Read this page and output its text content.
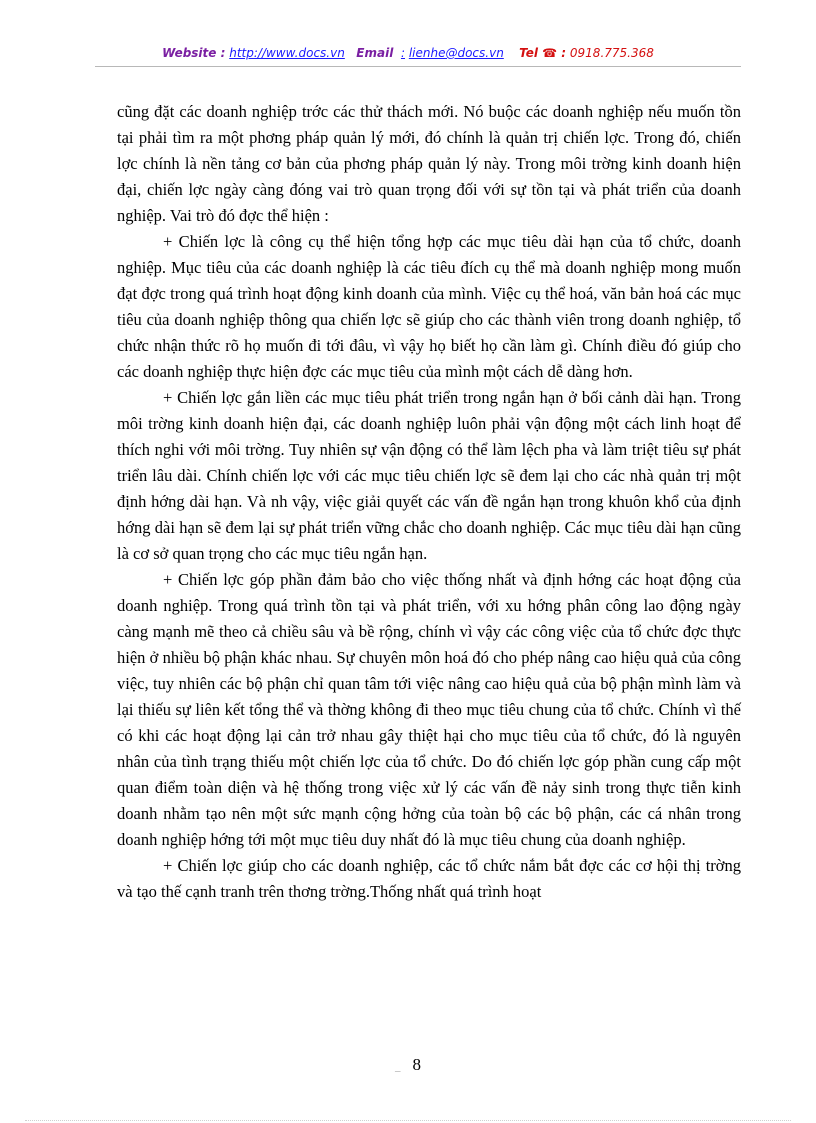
Website : http://www.docs.vn Email : lienhe@docs.vn Tel ☎ : 0918.775.368

cũng đặt các doanh nghiệp trớc các thử thách mới. Nó buộc các doanh nghiệp nếu muốn tồn tại phải tìm ra một phơng pháp quản lý mới, đó chính là quản trị chiến lợc. Trong đó, chiến lợc chính là nền tảng cơ bản của phơng pháp quản lý này. Trong môi trờng kinh doanh hiện đại, chiến lợc ngày càng đóng vai trò quan trọng đối với sự tồn tại và phát triển của doanh nghiệp. Vai trò đó đợc thể hiện :

+ Chiến lợc là công cụ thể hiện tổng hợp các mục tiêu dài hạn của tổ chức, doanh nghiệp. Mục tiêu của các doanh nghiệp là các tiêu đích cụ thể mà doanh nghiệp mong muốn đạt đợc trong quá trình hoạt động kinh doanh của mình. Việc cụ thể hoá, văn bản hoá các mục tiêu của doanh nghiệp thông qua chiến lợc sẽ giúp cho các thành viên trong doanh nghiệp, tổ chức nhận thức rõ họ muốn đi tới đâu, vì vậy họ biết họ cần làm gì. Chính điều đó giúp cho các doanh nghiệp thực hiện đợc các mục tiêu của mình một cách dễ dàng hơn.

+ Chiến lợc gắn liền các mục tiêu phát triển trong ngắn hạn ở bối cảnh dài hạn. Trong môi trờng kinh doanh hiện đại, các doanh nghiệp luôn phải vận động một cách linh hoạt để thích nghi với môi trờng. Tuy nhiên sự vận động có thể làm lệch pha và làm triệt tiêu sự phát triển lâu dài. Chính chiến lợc với các mục tiêu chiến lợc sẽ đem lại cho các nhà quản trị một định hớng dài hạn. Và nh vậy, việc giải quyết các vấn đề ngắn hạn trong khuôn khổ của định hớng dài hạn sẽ đem lại sự phát triển vững chắc cho doanh nghiệp. Các mục tiêu dài hạn cũng là cơ sở quan trọng cho các mục tiêu ngắn hạn.

+ Chiến lợc góp phần đảm bảo cho việc thống nhất và định hớng các hoạt động của doanh nghiệp. Trong quá trình tồn tại và phát triển, với xu hớng phân công lao động ngày càng mạnh mẽ theo cả chiều sâu và bề rộng, chính vì vậy các công việc của tổ chức đợc thực hiện ở nhiều bộ phận khác nhau. Sự chuyên môn hoá đó cho phép nâng cao hiệu quả của công việc, tuy nhiên các bộ phận chỉ quan tâm tới việc nâng cao hiệu quả của bộ phận mình làm và lại thiếu sự liên kết tổng thể và thờng không đi theo mục tiêu chung của tổ chức. Chính vì thế có khi các hoạt động lại cản trở nhau gây thiệt hại cho mục tiêu của tổ chức, đó là nguyên nhân của tình trạng thiếu một chiến lợc của tổ chức. Do đó chiến lợc góp phần cung cấp một quan điểm toàn diện và hệ thống trong việc xử lý các vấn đề nảy sinh trong thực tiễn kinh doanh nhằm tạo nên một sức mạnh cộng hởng của toàn bộ các bộ phận, các cá nhân trong doanh nghiệp hớng tới một mục tiêu duy nhất đó là mục tiêu chung của doanh nghiệp.

+ Chiến lợc giúp cho các doanh nghiệp, các tổ chức nắm bắt đợc các cơ hội thị trờng và tạo thế cạnh tranh trên thơng trờng.Thống nhất quá trình hoạt

_ 8
